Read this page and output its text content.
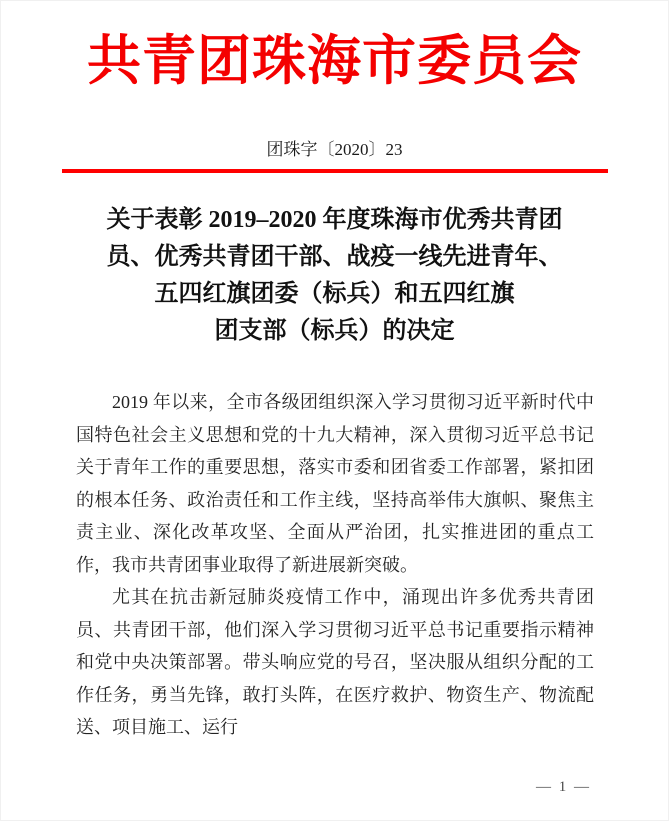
共青团珠海市委员会
团珠字〔2020〕23
关于表彰 2019–2020 年度珠海市优秀共青团
员、优秀共青团干部、战疫一线先进青年、
五四红旗团委（标兵）和五四红旗
团支部（标兵）的决定

2019 年以来，全市各级团组织深入学习贯彻习近平新时代中国特色社会主义思想和党的十九大精神，深入贯彻习近平总书记关于青年工作的重要思想，落实市委和团省委工作部署，紧扣团的根本任务、政治责任和工作主线，坚持高举伟大旗帜、聚焦主责主业、深化改革攻坚、全面从严治团，扎实推进团的重点工作，我市共青团事业取得了新进展新突破。

尤其在抗击新冠肺炎疫情工作中，涌现出许多优秀共青团员、共青团干部，他们深入学习贯彻习近平总书记重要指示精神和党中央决策部署。带头响应党的号召，坚决服从组织分配的工作任务，勇当先锋，敢打头阵，在医疗救护、物资生产、物流配送、项目施工、运行

— 1 —
